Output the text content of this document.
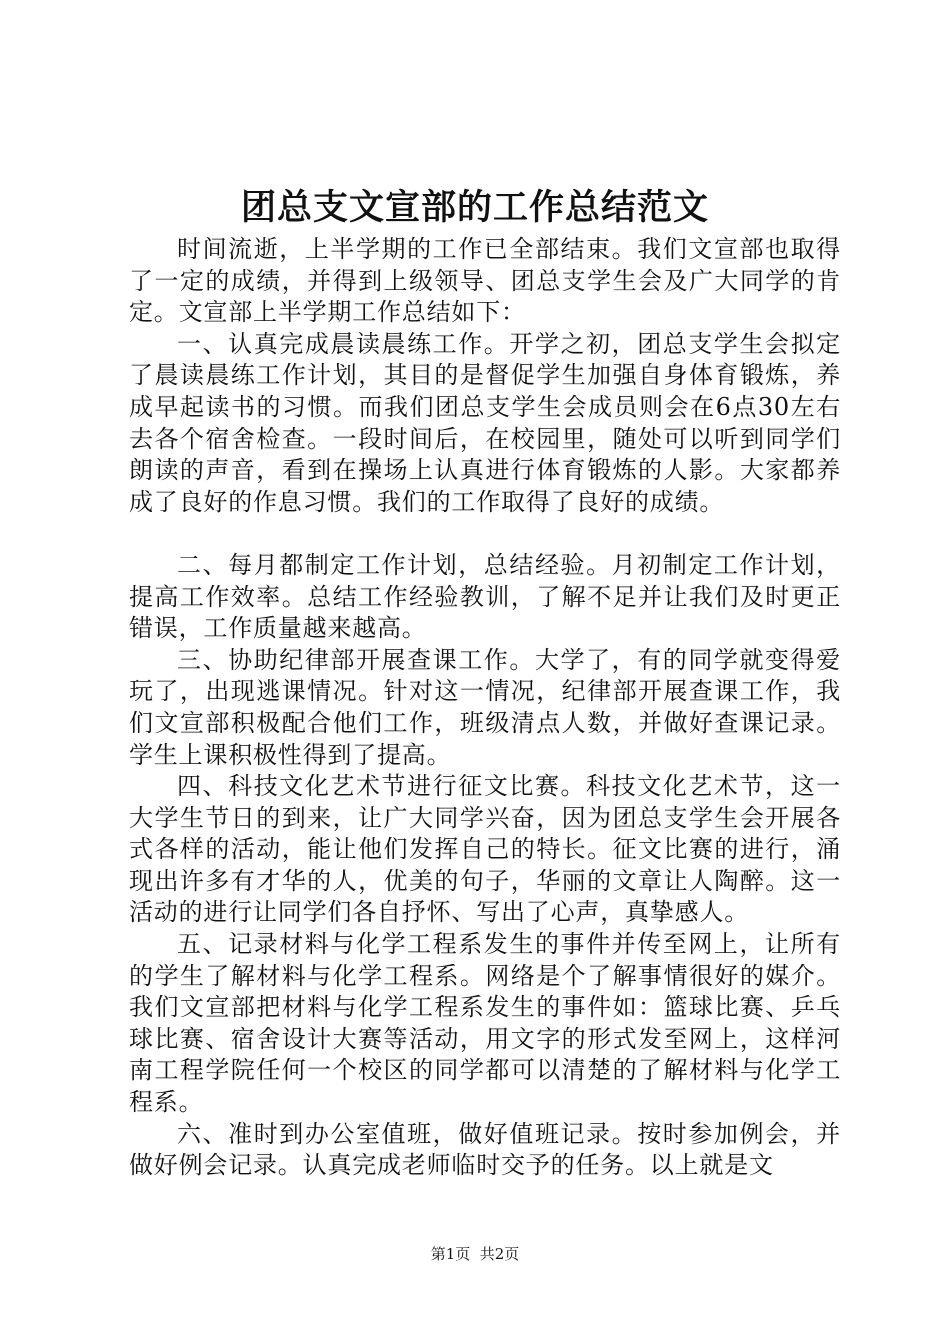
团总支文宣部的工作总结范文

时间流逝，上半学期的工作已全部结束。我们文宣部也取得了一定的成绩，并得到上级领导、团总支学生会及广大同学的肯定。文宣部上半学期工作总结如下：

一、认真完成晨读晨练工作。开学之初，团总支学生会拟定了晨读晨练工作计划，其目的是督促学生加强自身体育锻炼，养成早起读书的习惯。而我们团总支学生会成员则会在6点30左右去各个宿舍检查。一段时间后，在校园里，随处可以听到同学们朗读的声音，看到在操场上认真进行体育锻炼的人影。大家都养成了良好的作息习惯。我们的工作取得了良好的成绩。

二、每月都制定工作计划，总结经验。月初制定工作计划，提高工作效率。总结工作经验教训，了解不足并让我们及时更正错误，工作质量越来越高。

三、协助纪律部开展查课工作。大学了，有的同学就变得爱玩了，出现逃课情况。针对这一情况，纪律部开展查课工作，我们文宣部积极配合他们工作，班级清点人数，并做好查课记录。学生上课积极性得到了提高。

四、科技文化艺术节进行征文比赛。科技文化艺术节，这一大学生节日的到来，让广大同学兴奋，因为团总支学生会开展各式各样的活动，能让他们发挥自己的特长。征文比赛的进行，涌现出许多有才华的人，优美的句子，华丽的文章让人陶醉。这一活动的进行让同学们各自抒怀、写出了心声，真挚感人。

五、记录材料与化学工程系发生的事件并传至网上，让所有的学生了解材料与化学工程系。网络是个了解事情很好的媒介。我们文宣部把材料与化学工程系发生的事件如：篮球比赛、乒乓球比赛、宿舍设计大赛等活动，用文字的形式发至网上，这样河南工程学院任何一个校区的同学都可以清楚的了解材料与化学工程系。

六、准时到办公室值班，做好值班记录。按时参加例会，并做好例会记录。认真完成老师临时交予的任务。以上就是文

第1页  共2页
